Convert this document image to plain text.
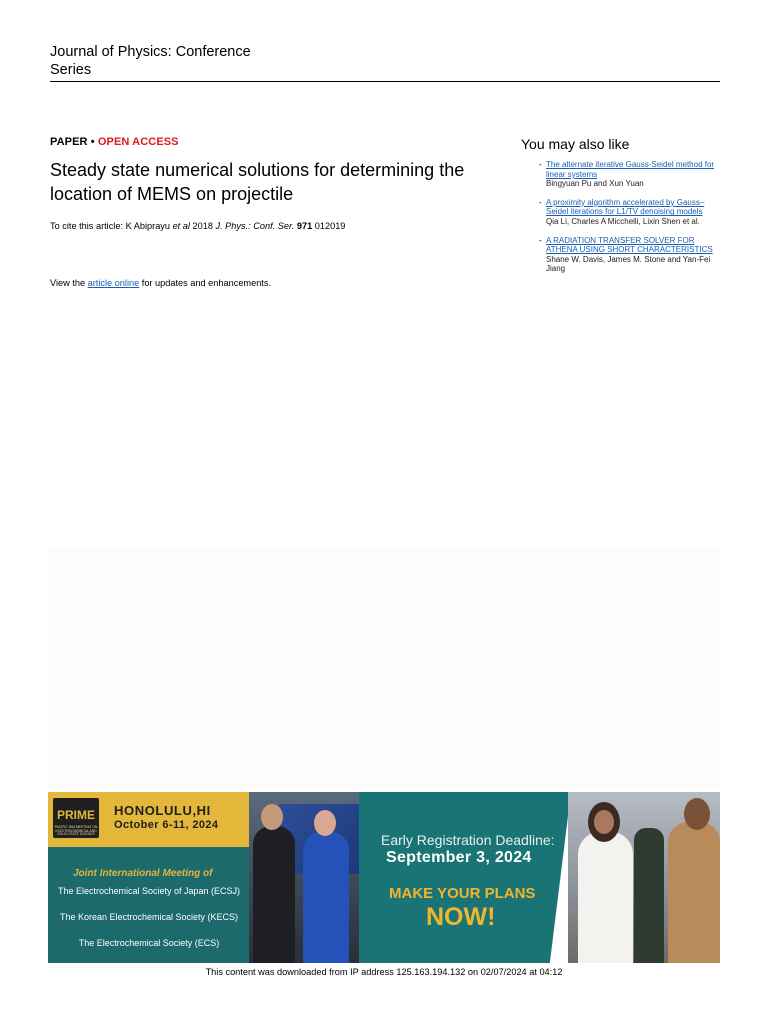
Journal of Physics: Conference Series
PAPER • OPEN ACCESS
Steady state numerical solutions for determining the location of MEMS on projectile
To cite this article: K Abiprayu et al 2018 J. Phys.: Conf. Ser. 971 012019
View the article online for updates and enhancements.
You may also like
- The alternate iterative Gauss-Seidel method for linear systems
Bingyuan Pu and Xun Yuan
- A proximity algorithm accelerated by Gauss–Seidel iterations for L1/TV denoising models
Qia Li, Charles A Micchelli, Lixin Shen et al.
- A RADIATION TRANSFER SOLVER FOR ATHENA USING SHORT CHARACTERISTICS
Shane W. Davis, James M. Stone and Yan-Fei Jiang
PRIME
PACIFIC RIM MEETING ON ELECTROCHEMICAL AND SOLID STATE SCIENCE
HONOLULU,HI
October 6-11, 2024
Joint International Meeting of
The Electrochemical Society of Japan (ECSJ)
The Korean Electrochemical Society (KECS)
The Electrochemical Society (ECS)
Early Registration Deadline:
September 3, 2024
MAKE YOUR PLANS
NOW!
This content was downloaded from IP address 125.163.194.132 on 02/07/2024 at 04:12
